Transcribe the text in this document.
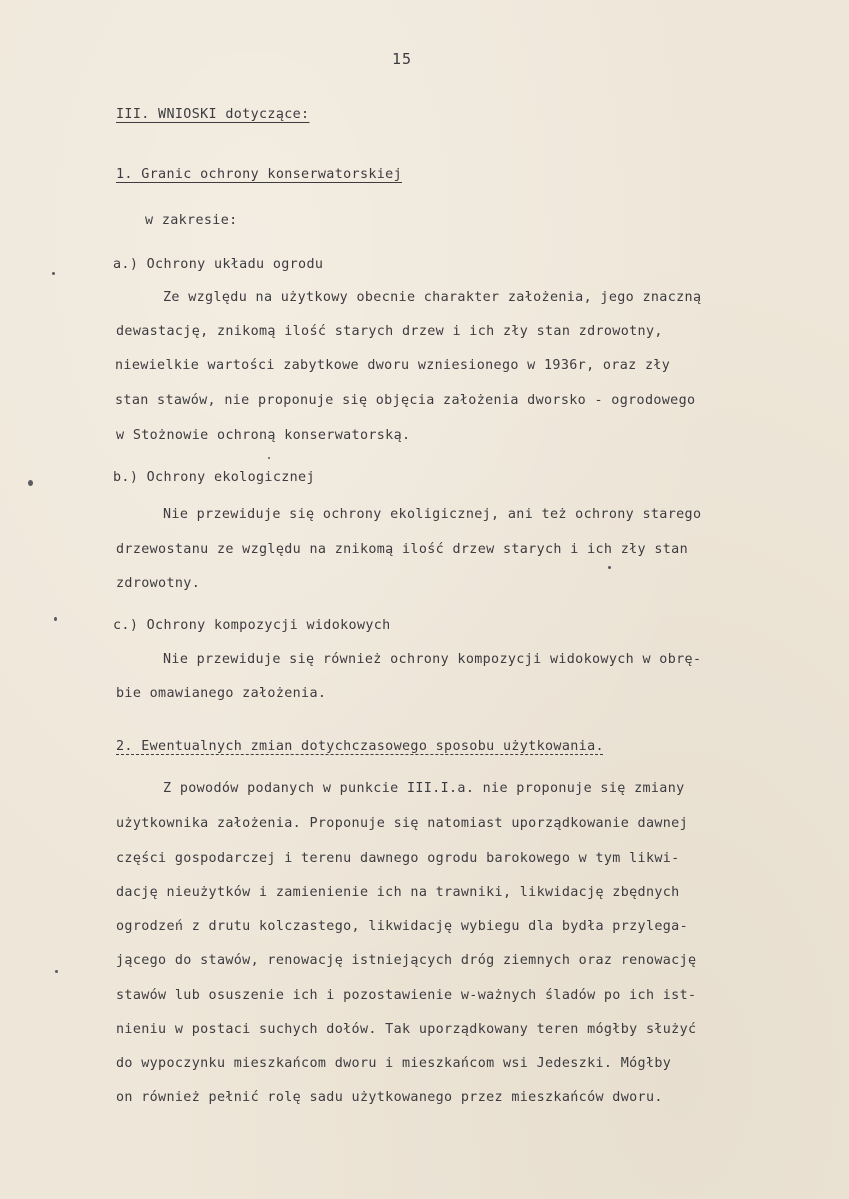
15
III. WNIOSKI dotyczące:
1. Granic ochrony konserwatorskiej
w zakresie:
a.) Ochrony układu ogrodu
Ze względu na użytkowy obecnie charakter założenia, jego znaczną
dewastację, znikomą ilość starych drzew i ich zły stan zdrowotny,
niewielkie wartości zabytkowe dworu wzniesionego w 1936r, oraz zły
stan stawów, nie proponuje się objęcia założenia dworsko - ogrodowego
w Stożnowie ochroną konserwatorską.
b.) Ochrony ekologicznej
Nie przewiduje się ochrony ekoligicznej, ani też ochrony starego
drzewostanu ze względu na znikomą ilość drzew starych i ich zły stan
zdrowotny.
c.) Ochrony kompozycji widokowych
Nie przewiduje się również ochrony kompozycji widokowych w obrę-
bie omawianego założenia.
2. Ewentualnych zmian dotychczasowego sposobu użytkowania.
Z powodów podanych w punkcie III.I.a. nie proponuje się zmiany
użytkownika założenia. Proponuje się natomiast uporządkowanie dawnej
części gospodarczej i terenu dawnego ogrodu barokowego w tym likwi-
dację nieużytków i zamienienie ich na trawniki, likwidację zbędnych
ogrodzeń z drutu kolczastego, likwidację wybiegu dla bydła przylega-
jącego do stawów, renowację istniejących dróg ziemnych oraz renowację
stawów lub osuszenie ich i pozostawienie w-ważnych śladów po ich ist-
nieniu w postaci suchych dołów. Tak uporządkowany teren mógłby służyć
do wypoczynku mieszkańcom dworu i mieszkańcom wsi Jedeszki. Mógłby
on również pełnić rolę sadu użytkowanego przez mieszkańców dworu.
